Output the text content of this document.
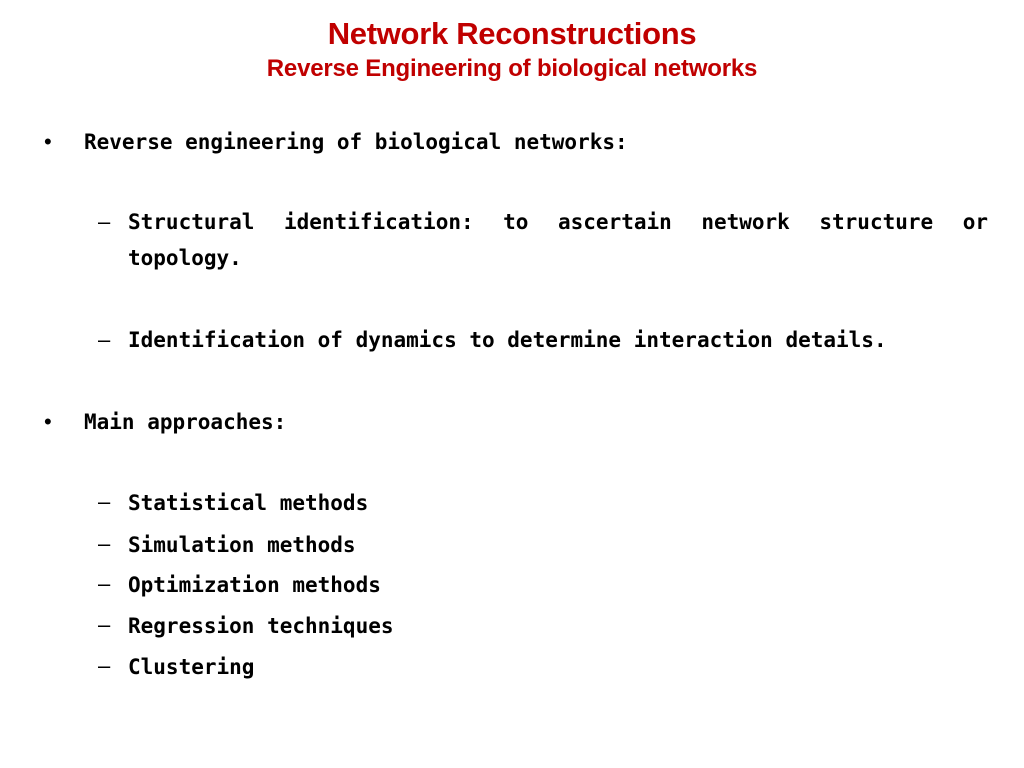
Network Reconstructions
Reverse Engineering of biological networks
• Reverse engineering of biological networks:
– Structural identification: to ascertain network structure or topology.
– Identification of dynamics to determine interaction details.
• Main approaches:
– Statistical methods
– Simulation methods
– Optimization methods
– Regression techniques
– Clustering
